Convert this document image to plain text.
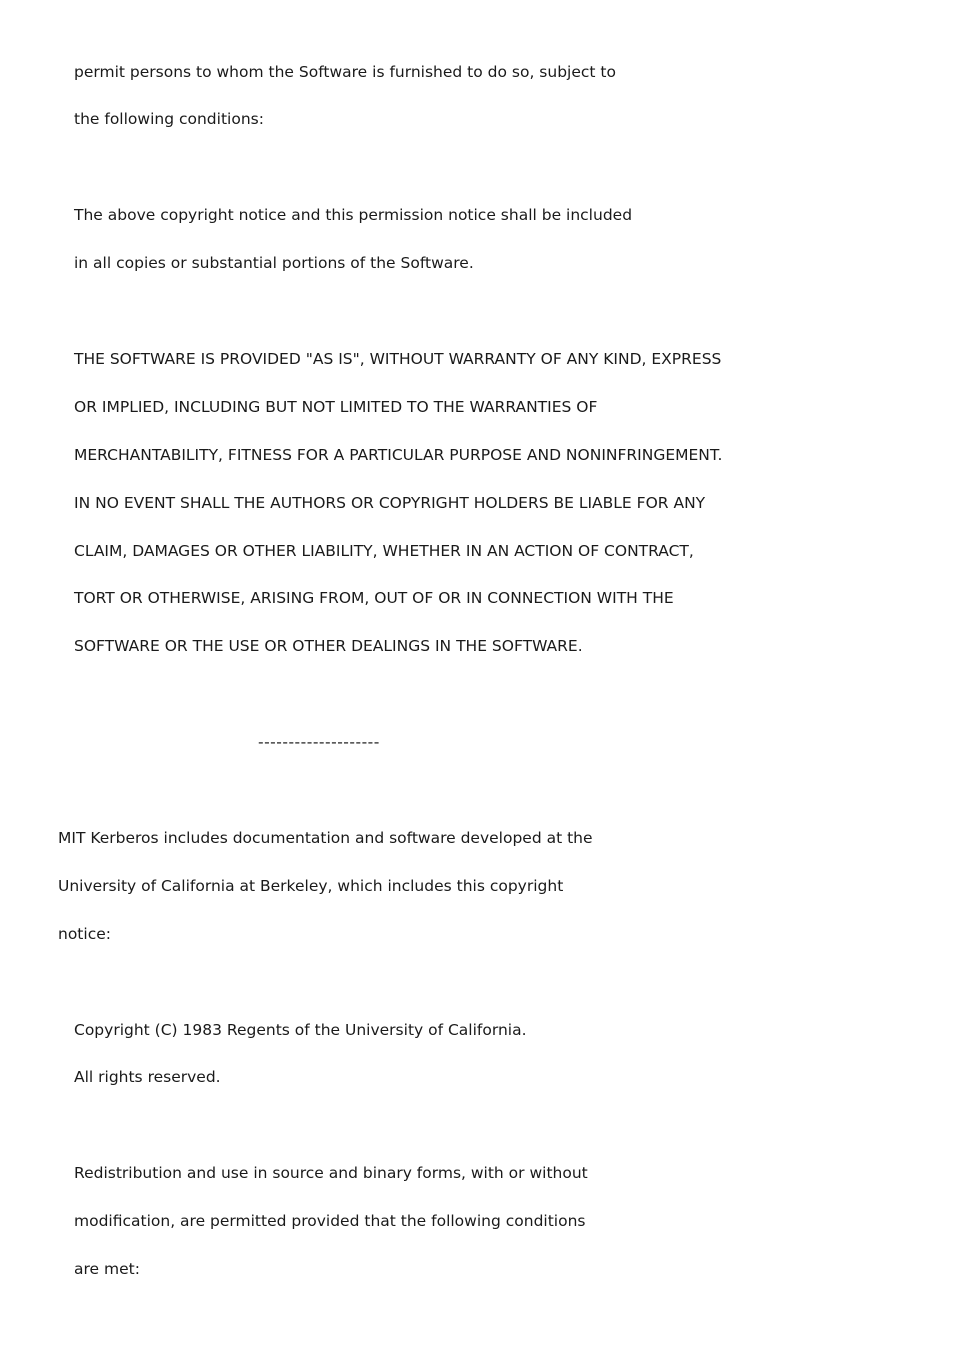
permit persons to whom the Software is furnished to do so, subject to

the following conditions:

The above copyright notice and this permission notice shall be included

in all copies or substantial portions of the Software.

THE SOFTWARE IS PROVIDED "AS IS", WITHOUT WARRANTY OF ANY KIND, EXPRESS

OR IMPLIED, INCLUDING BUT NOT LIMITED TO THE WARRANTIES OF

MERCHANTABILITY, FITNESS FOR A PARTICULAR PURPOSE AND NONINFRINGEMENT.

IN NO EVENT SHALL THE AUTHORS OR COPYRIGHT HOLDERS BE LIABLE FOR ANY

CLAIM, DAMAGES OR OTHER LIABILITY, WHETHER IN AN ACTION OF CONTRACT,

TORT OR OTHERWISE, ARISING FROM, OUT OF OR IN CONNECTION WITH THE

SOFTWARE OR THE USE OR OTHER DEALINGS IN THE SOFTWARE.

--------------------

MIT Kerberos includes documentation and software developed at the

University of California at Berkeley, which includes this copyright

notice:

Copyright (C) 1983 Regents of the University of California.

All rights reserved.

Redistribution and use in source and binary forms, with or without

modification, are permitted provided that the following conditions

are met:
